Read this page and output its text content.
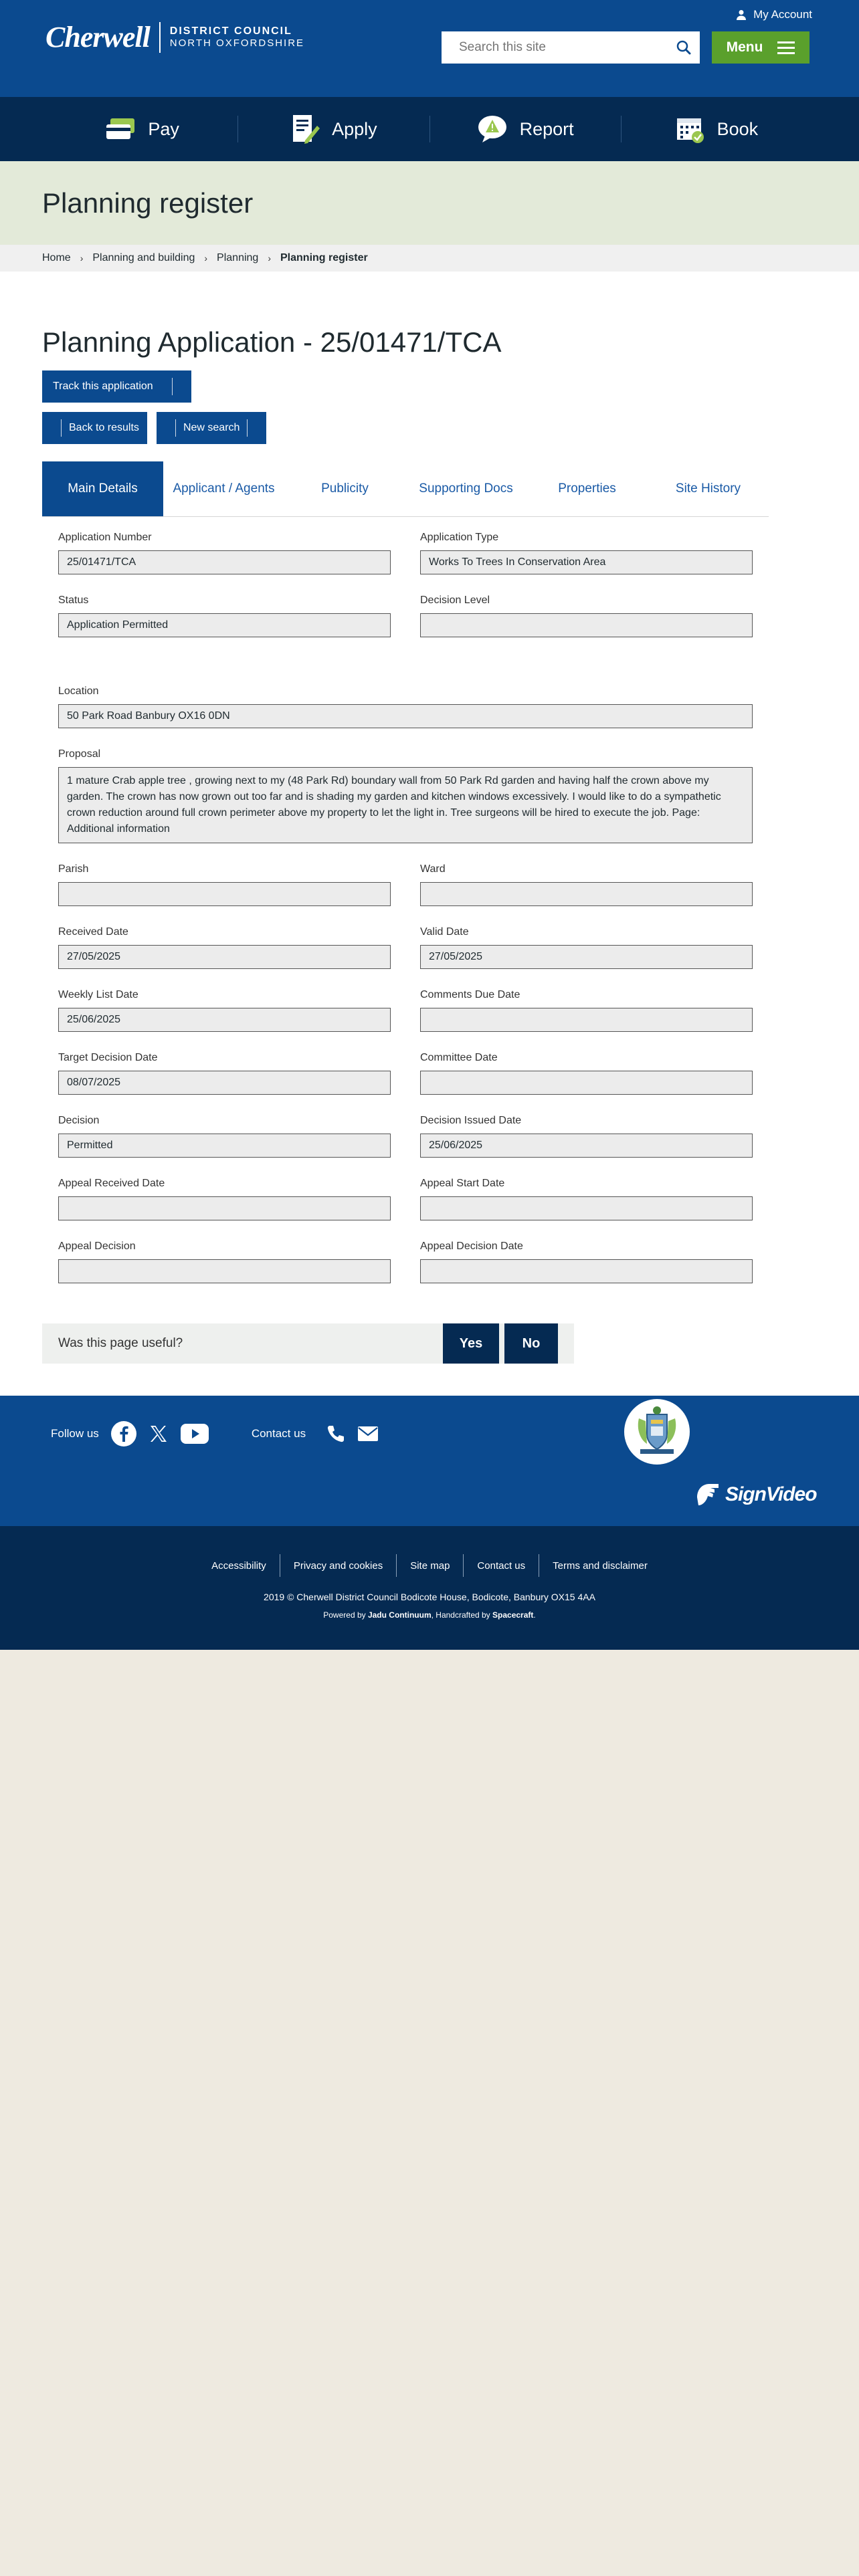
Cherwell DISTRICT COUNCIL
NORTH OXFORDSHIRE
My Account
Search this site
Menu
Pay	Apply	Report	Book
Planning register
Home › Planning and building › Planning › Planning register
Planning Application - 25/01471/TCA
Track this application
Back to results	New search
Main Details	Applicant / Agents	Publicity	Supporting Docs	Properties	Site History
Application Number
25/01471/TCA
Application Type
Works To Trees In Conservation Area
Status
Application Permitted
Decision Level
Location
50 Park Road Banbury OX16 0DN
Proposal
1 mature Crab apple tree , growing next to my (48 Park Rd) boundary wall from 50 Park Rd garden and having half the crown above my garden. The crown has now grown out too far and is shading my garden and kitchen windows excessively. I would like to do a sympathetic crown reduction around full crown perimeter above my property to let the light in. Tree surgeons will be hired to execute the job. Page: Additional information
Parish	Ward
Received Date
27/05/2025
Valid Date
27/05/2025
Weekly List Date
25/06/2025
Comments Due Date
Target Decision Date
08/07/2025
Committee Date
Decision
Permitted
Decision Issued Date
25/06/2025
Appeal Received Date	Appeal Start Date
Appeal Decision	Appeal Decision Date
Was this page useful?	Yes	No
Follow us	Contact us
SignVideo
Accessibility	Privacy and cookies	Site map	Contact us	Terms and disclaimer
2019 © Cherwell District Council Bodicote House, Bodicote, Banbury OX15 4AA
Powered by Jadu Continuum, Handcrafted by Spacecraft.
